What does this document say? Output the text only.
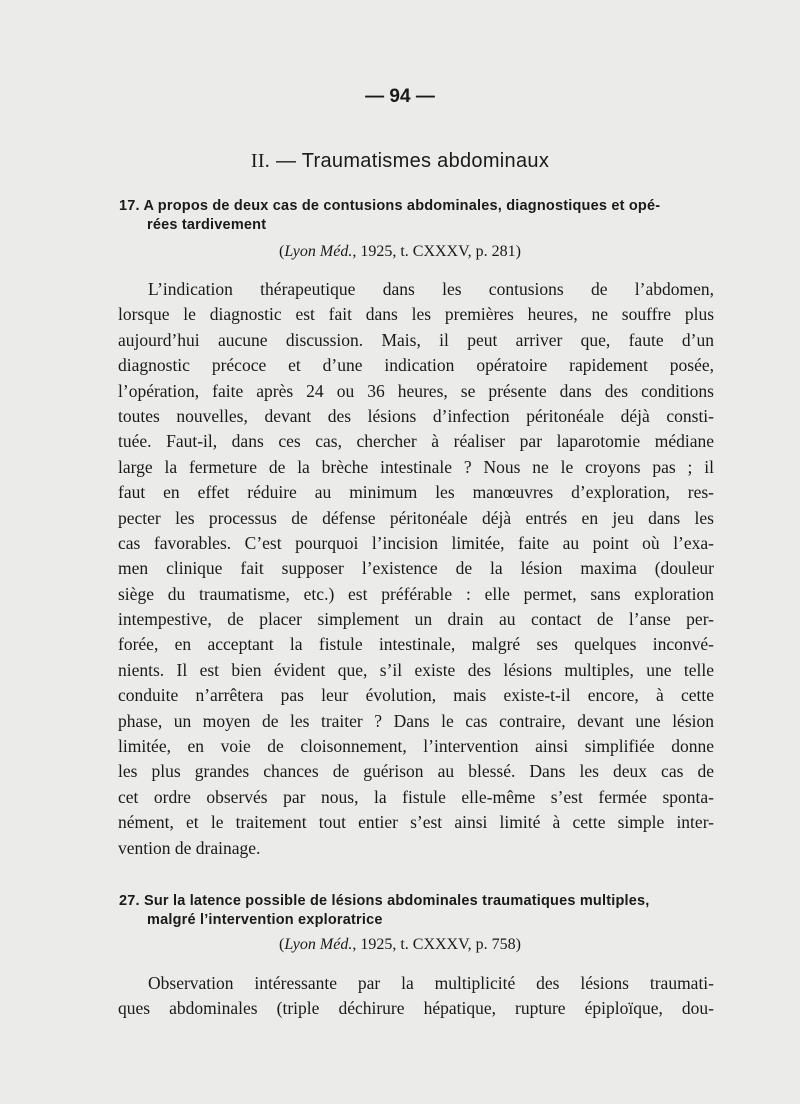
— 94 —
II. — Traumatismes abdominaux
17. A propos de deux cas de contusions abdominales, diagnostiques et opé-
rées tardivement
(Lyon Méd., 1925, t. CXXXV, p. 281)
L’indication thérapeutique dans les contusions de l’abdomen,
lorsque le diagnostic est fait dans les premières heures, ne souffre plus
aujourd’hui aucune discussion. Mais, il peut arriver que, faute d’un
diagnostic précoce et d’une indication opératoire rapidement posée,
l’opération, faite après 24 ou 36 heures, se présente dans des conditions
toutes nouvelles, devant des lésions d’infection péritonéale déjà consti-
tuée. Faut-il, dans ces cas, chercher à réaliser par laparotomie médiane
large la fermeture de la brèche intestinale ? Nous ne le croyons pas ; il
faut en effet réduire au minimum les manœuvres d’exploration, res-
pecter les processus de défense péritonéale déjà entrés en jeu dans les
cas favorables. C’est pourquoi l’incision limitée, faite au point où l’exa-
men clinique fait supposer l’existence de la lésion maxima (douleur
siège du traumatisme, etc.) est préférable : elle permet, sans exploration
intempestive, de placer simplement un drain au contact de l’anse per-
forée, en acceptant la fistule intestinale, malgré ses quelques inconvé-
nients. Il est bien évident que, s’il existe des lésions multiples, une telle
conduite n’arrêtera pas leur évolution, mais existe-t-il encore, à cette
phase, un moyen de les traiter ? Dans le cas contraire, devant une lésion
limitée, en voie de cloisonnement, l’intervention ainsi simplifiée donne
les plus grandes chances de guérison au blessé. Dans les deux cas de
cet ordre observés par nous, la fistule elle-même s’est fermée sponta-
nément, et le traitement tout entier s’est ainsi limité à cette simple inter-
vention de drainage.
27. Sur la latence possible de lésions abdominales traumatiques multiples,
malgré l’intervention exploratrice
(Lyon Méd., 1925, t. CXXXV, p. 758)
Observation intéressante par la multiplicité des lésions traumati-
ques abdominales (triple déchirure hépatique, rupture épiploïque, dou-
